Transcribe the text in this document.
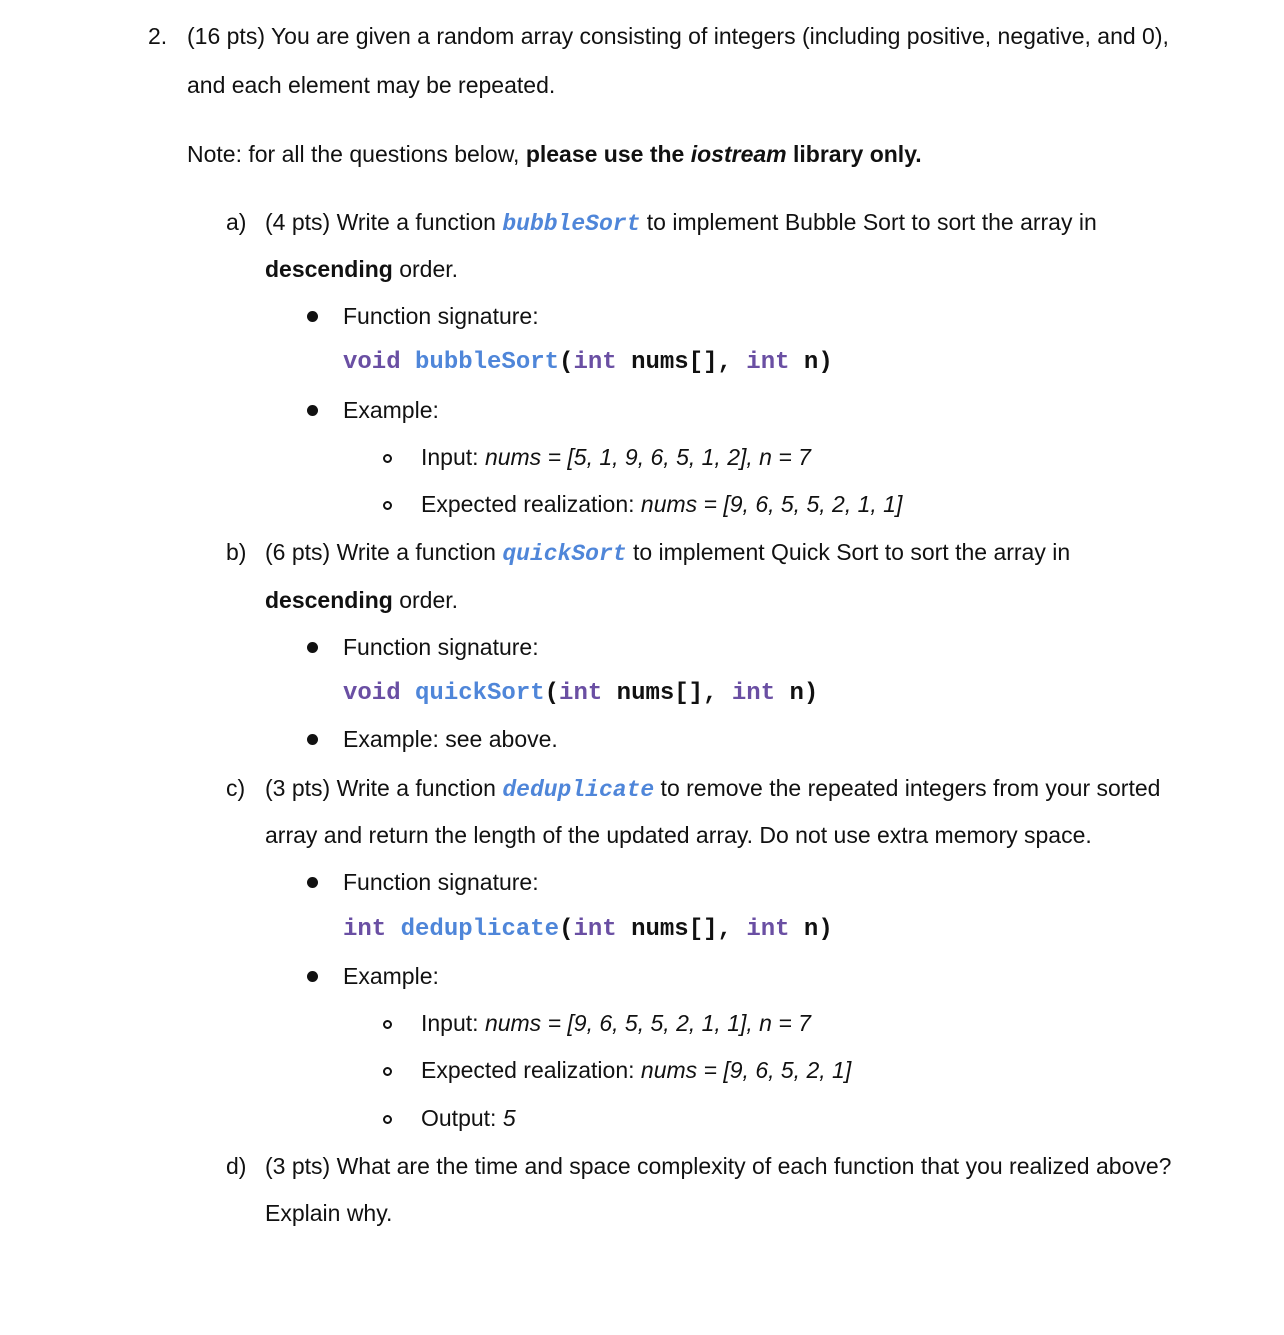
2. (16 pts) You are given a random array consisting of integers (including positive, negative, and 0),
and each element may be repeated.
Note: for all the questions below, please use the iostream library only.
a) (4 pts) Write a function bubbleSort to implement Bubble Sort to sort the array in
descending order.
Function signature:
void bubbleSort(int nums[], int n)
Example:
Input: nums = [5, 1, 9, 6, 5, 1, 2], n = 7
Expected realization: nums = [9, 6, 5, 5, 2, 1, 1]
b) (6 pts) Write a function quickSort to implement Quick Sort to sort the array in
descending order.
Function signature:
void quickSort(int nums[], int n)
Example: see above.
c) (3 pts) Write a function deduplicate to remove the repeated integers from your sorted
array and return the length of the updated array. Do not use extra memory space.
Function signature:
int deduplicate(int nums[], int n)
Example:
Input: nums = [9, 6, 5, 5, 2, 1, 1], n = 7
Expected realization: nums = [9, 6, 5, 2, 1]
Output: 5
d) (3 pts) What are the time and space complexity of each function that you realized above?
Explain why.
